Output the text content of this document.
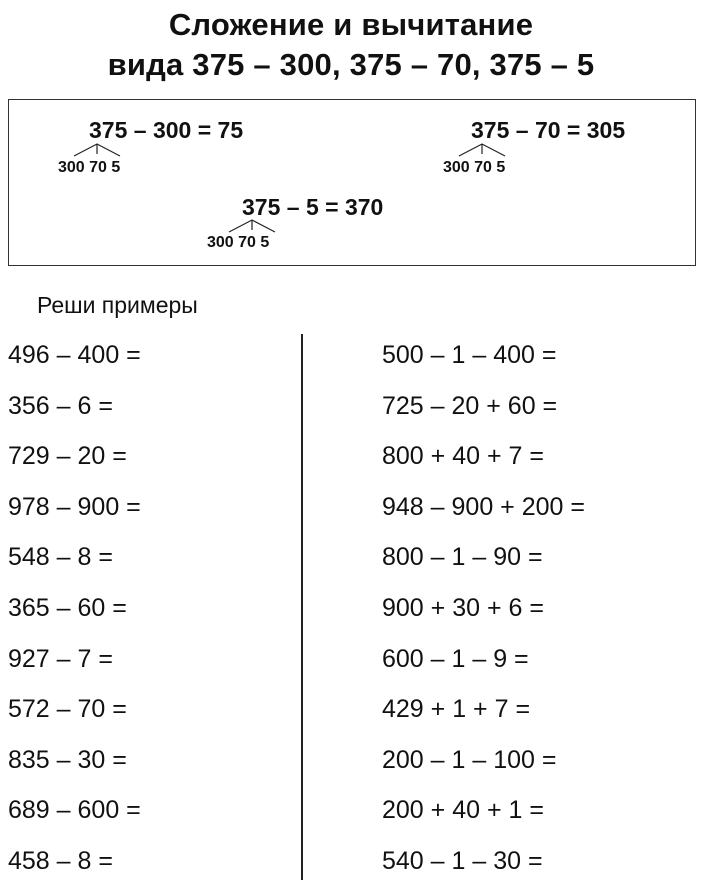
Сложение и вычитание
вида 375 – 300, 375 – 70, 375 – 5
375 – 300 = 75
300 70 5
375 – 70 = 305
300 70 5
375 – 5 = 370
300 70 5
Реши примеры
496 – 400 =
356 – 6 =
729 – 20 =
978 – 900 =
548 – 8 =
365 – 60 =
927 – 7 =
572 – 70 =
835 – 30 =
689 – 600 =
458 – 8 =
500 – 1 – 400 =
725 – 20 + 60 =
800 + 40 + 7 =
948 – 900 + 200 =
800 – 1 – 90 =
900 + 30 + 6 =
600 – 1 – 9 =
429 + 1 + 7 =
200 – 1 – 100 =
200 + 40 + 1 =
540 – 1 – 30 =
